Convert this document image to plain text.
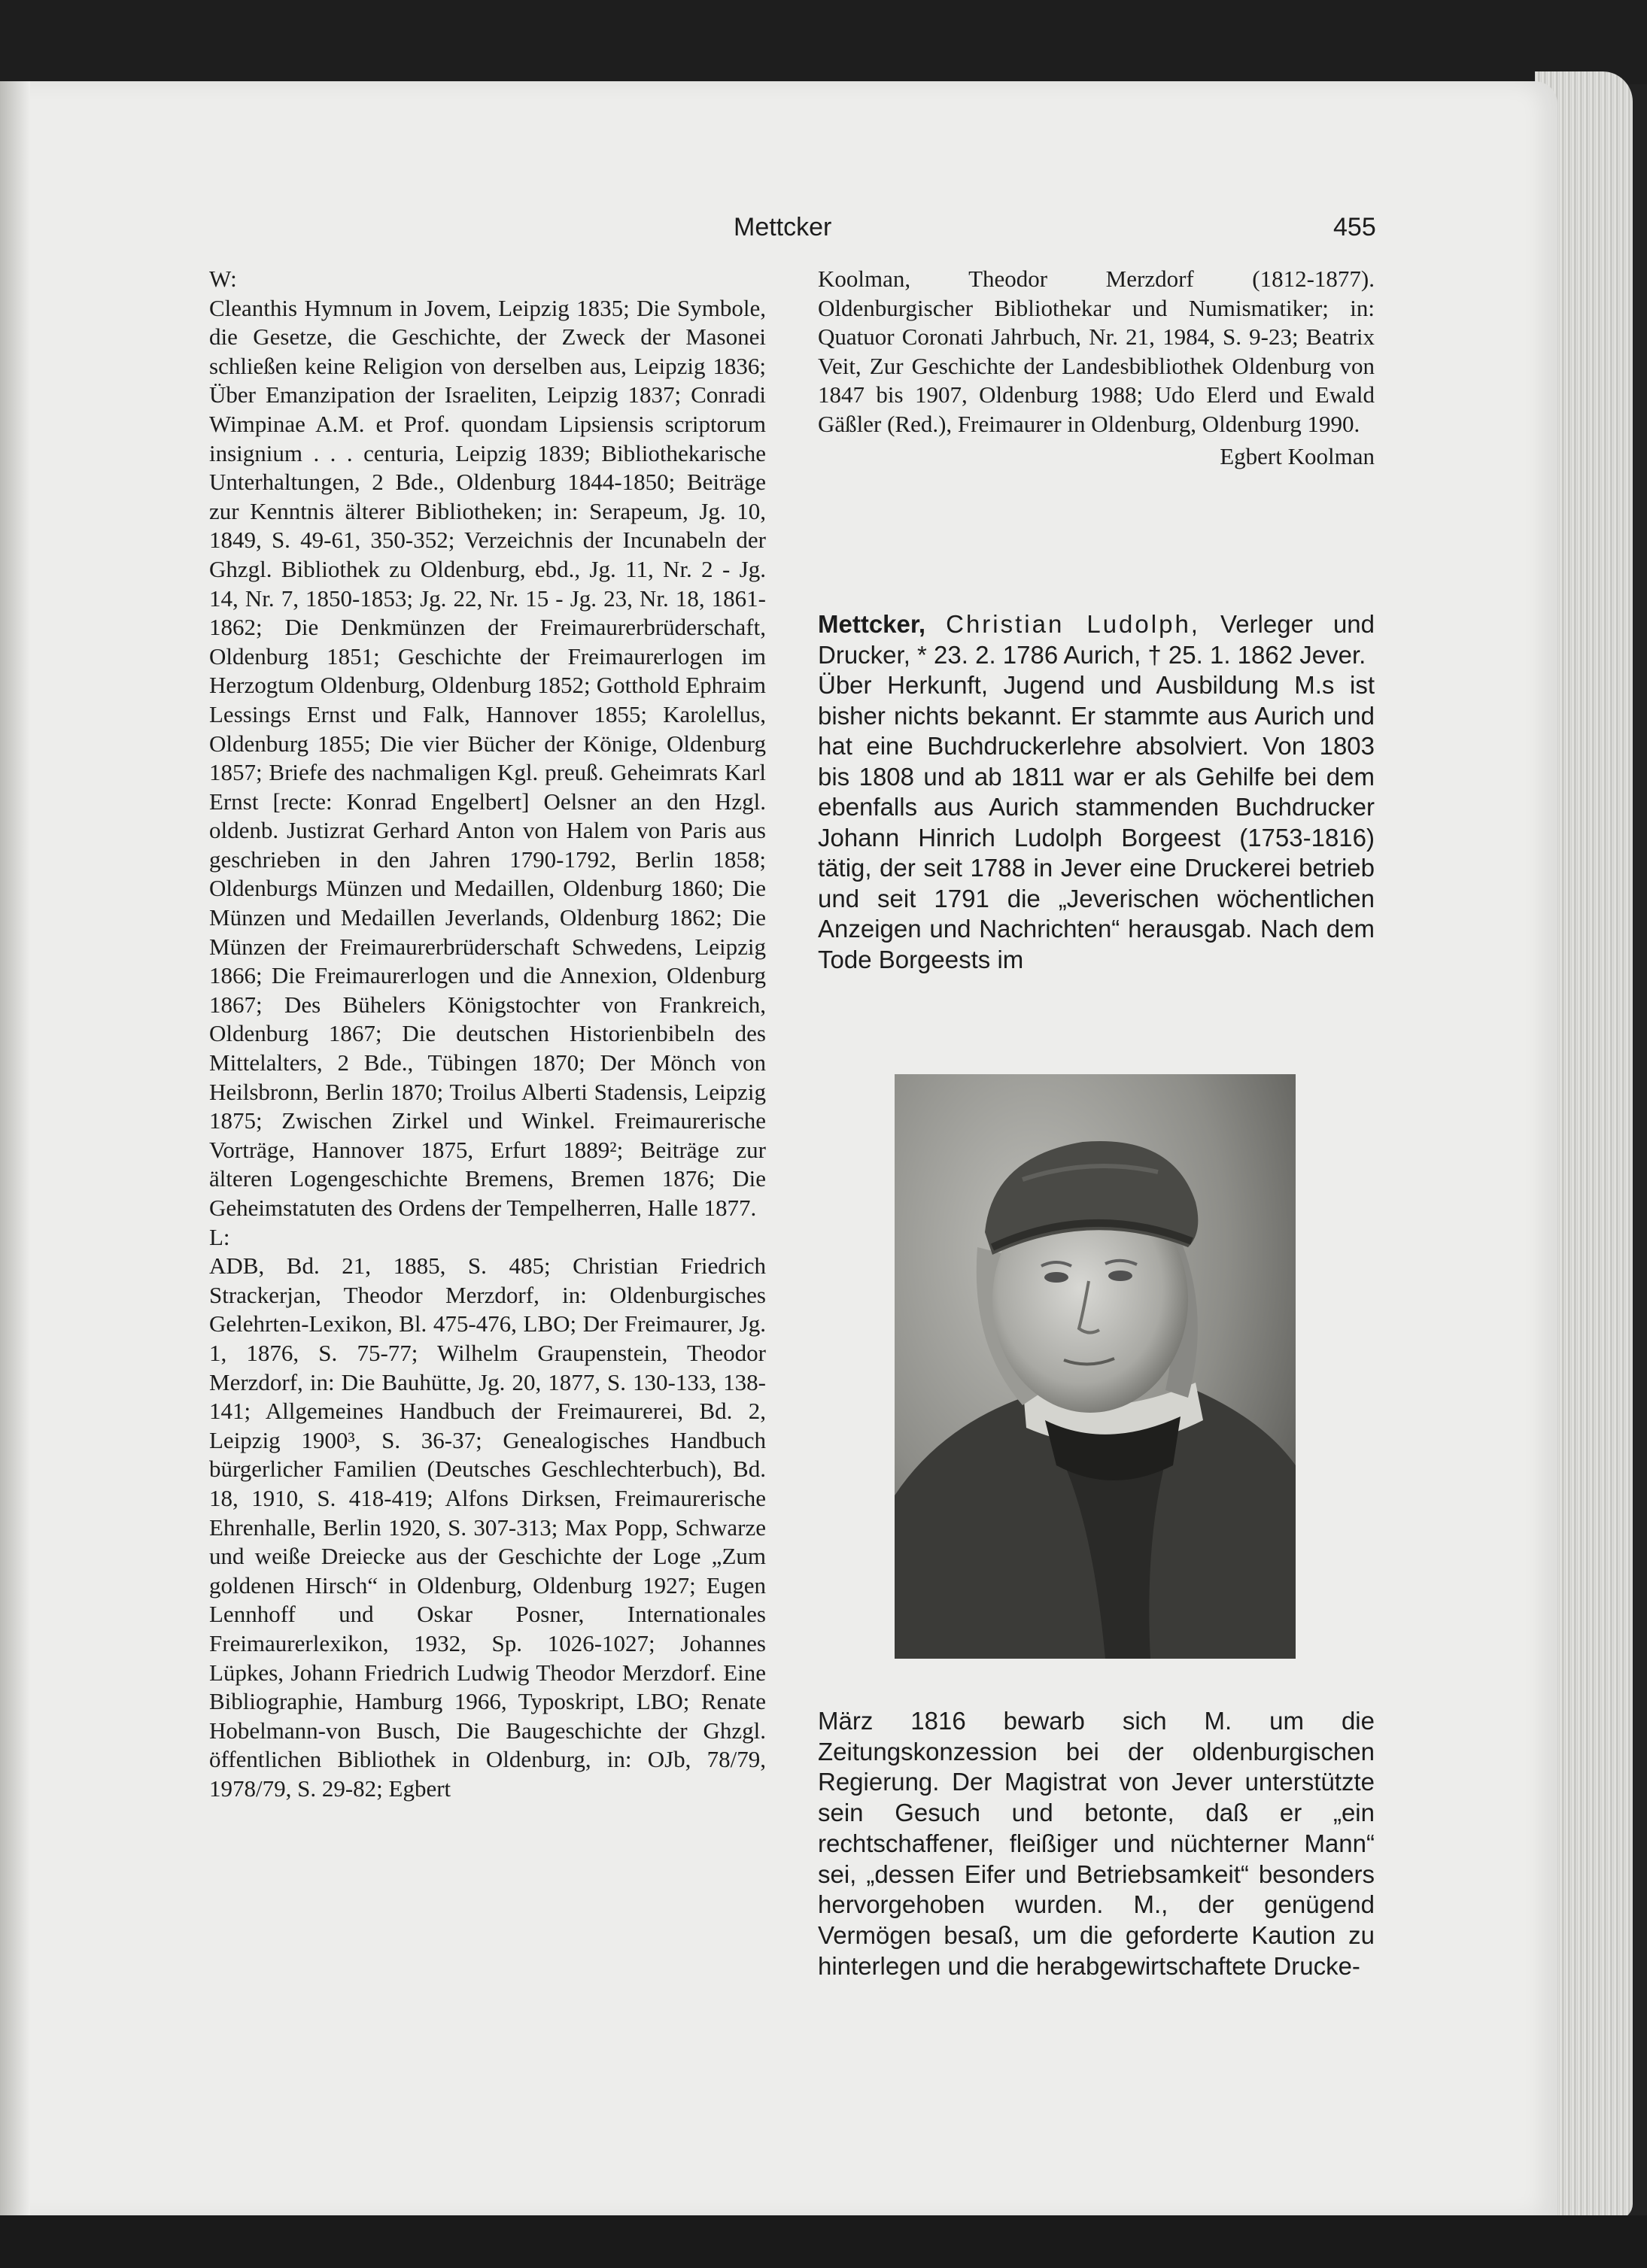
Mettcker	455

W:

Cleanthis Hymnum in Jovem, Leipzig 1835; Die Symbole, die Gesetze, die Geschichte, der Zweck der Masonei schließen keine Religion von derselben aus, Leipzig 1836; Über Emanzipation der Israeliten, Leipzig 1837; Conradi Wimpinae A.M. et Prof. quondam Lipsiensis scriptorum insignium . . . centuria, Leipzig 1839; Bibliothekarische Unterhaltungen, 2 Bde., Oldenburg 1844-1850; Beiträge zur Kenntnis älterer Bibliotheken; in: Serapeum, Jg. 10, 1849, S. 49-61, 350-352; Verzeichnis der Incunabeln der Ghzgl. Bibliothek zu Oldenburg, ebd., Jg. 11, Nr. 2 - Jg. 14, Nr. 7, 1850-1853; Jg. 22, Nr. 15 - Jg. 23, Nr. 18, 1861-1862; Die Denkmünzen der Freimaurerbrüderschaft, Oldenburg 1851; Geschichte der Freimaurerlogen im Herzogtum Oldenburg, Oldenburg 1852; Gotthold Ephraim Lessings Ernst und Falk, Hannover 1855; Karolellus, Oldenburg 1855; Die vier Bücher der Könige, Oldenburg 1857; Briefe des nachmaligen Kgl. preuß. Geheimrats Karl Ernst [recte: Konrad Engelbert] Oelsner an den Hzgl. oldenb. Justizrat Gerhard Anton von Halem von Paris aus geschrieben in den Jahren 1790-1792, Berlin 1858; Oldenburgs Münzen und Medaillen, Oldenburg 1860; Die Münzen und Medaillen Jeverlands, Oldenburg 1862; Die Münzen der Freimaurerbrüderschaft Schwedens, Leipzig 1866; Die Freimaurerlogen und die Annexion, Oldenburg 1867; Des Bühelers Königstochter von Frankreich, Oldenburg 1867; Die deutschen Historienbibeln des Mittelalters, 2 Bde., Tübingen 1870; Der Mönch von Heilsbronn, Berlin 1870; Troilus Alberti Stadensis, Leipzig 1875; Zwischen Zirkel und Winkel. Freimaurerische Vorträge, Hannover 1875, Erfurt 1889²; Beiträge zur älteren Logengeschichte Bremens, Bremen 1876; Die Geheimstatuten des Ordens der Tempelherren, Halle 1877.

L:

ADB, Bd. 21, 1885, S. 485; Christian Friedrich Strackerjan, Theodor Merzdorf, in: Oldenburgisches Gelehrten-Lexikon, Bl. 475-476, LBO; Der Freimaurer, Jg. 1, 1876, S. 75-77; Wilhelm Graupenstein, Theodor Merzdorf, in: Die Bauhütte, Jg. 20, 1877, S. 130-133, 138-141; Allgemeines Handbuch der Freimaurerei, Bd. 2, Leipzig 1900³, S. 36-37; Genealogisches Handbuch bürgerlicher Familien (Deutsches Geschlechterbuch), Bd. 18, 1910, S. 418-419; Alfons Dirksen, Freimaurerische Ehrenhalle, Berlin 1920, S. 307-313; Max Popp, Schwarze und weiße Dreiecke aus der Geschichte der Loge „Zum goldenen Hirsch“ in Oldenburg, Oldenburg 1927; Eugen Lennhoff und Oskar Posner, Internationales Freimaurerlexikon, 1932, Sp. 1026-1027; Johannes Lüpkes, Johann Friedrich Ludwig Theodor Merzdorf. Eine Bibliographie, Hamburg 1966, Typoskript, LBO; Renate Hobelmann-von Busch, Die Baugeschichte der Ghzgl. öffentlichen Bibliothek in Oldenburg, in: OJb, 78/79, 1978/79, S. 29-82; Egbert

Koolman, Theodor Merzdorf (1812-1877). Oldenburgischer Bibliothekar und Numismatiker; in: Quatuor Coronati Jahrbuch, Nr. 21, 1984, S. 9-23; Beatrix Veit, Zur Geschichte der Landesbibliothek Oldenburg von 1847 bis 1907, Oldenburg 1988; Udo Elerd und Ewald Gäßler (Red.), Freimaurer in Oldenburg, Oldenburg 1990.

Egbert Koolman

Mettcker, Christian Ludolph, Verleger und Drucker, * 23. 2. 1786 Aurich, † 25. 1. 1862 Jever.

Über Herkunft, Jugend und Ausbildung M.s ist bisher nichts bekannt. Er stammte aus Aurich und hat eine Buchdruckerlehre absolviert. Von 1803 bis 1808 und ab 1811 war er als Gehilfe bei dem ebenfalls aus Aurich stammenden Buchdrucker Johann Hinrich Ludolph Borgeest (1753-1816) tätig, der seit 1788 in Jever eine Druckerei betrieb und seit 1791 die „Jeverischen wöchentlichen Anzeigen und Nachrichten“ herausgab. Nach dem Tode Borgeests im

März 1816 bewarb sich M. um die Zeitungskonzession bei der oldenburgischen Regierung. Der Magistrat von Jever unterstützte sein Gesuch und betonte, daß er „ein rechtschaffener, fleißiger und nüchterner Mann“ sei, „dessen Eifer und Betriebsamkeit“ besonders hervorgehoben wurden. M., der genügend Vermögen besaß, um die geforderte Kaution zu hinterlegen und die herabgewirtschaftete Drucke-
